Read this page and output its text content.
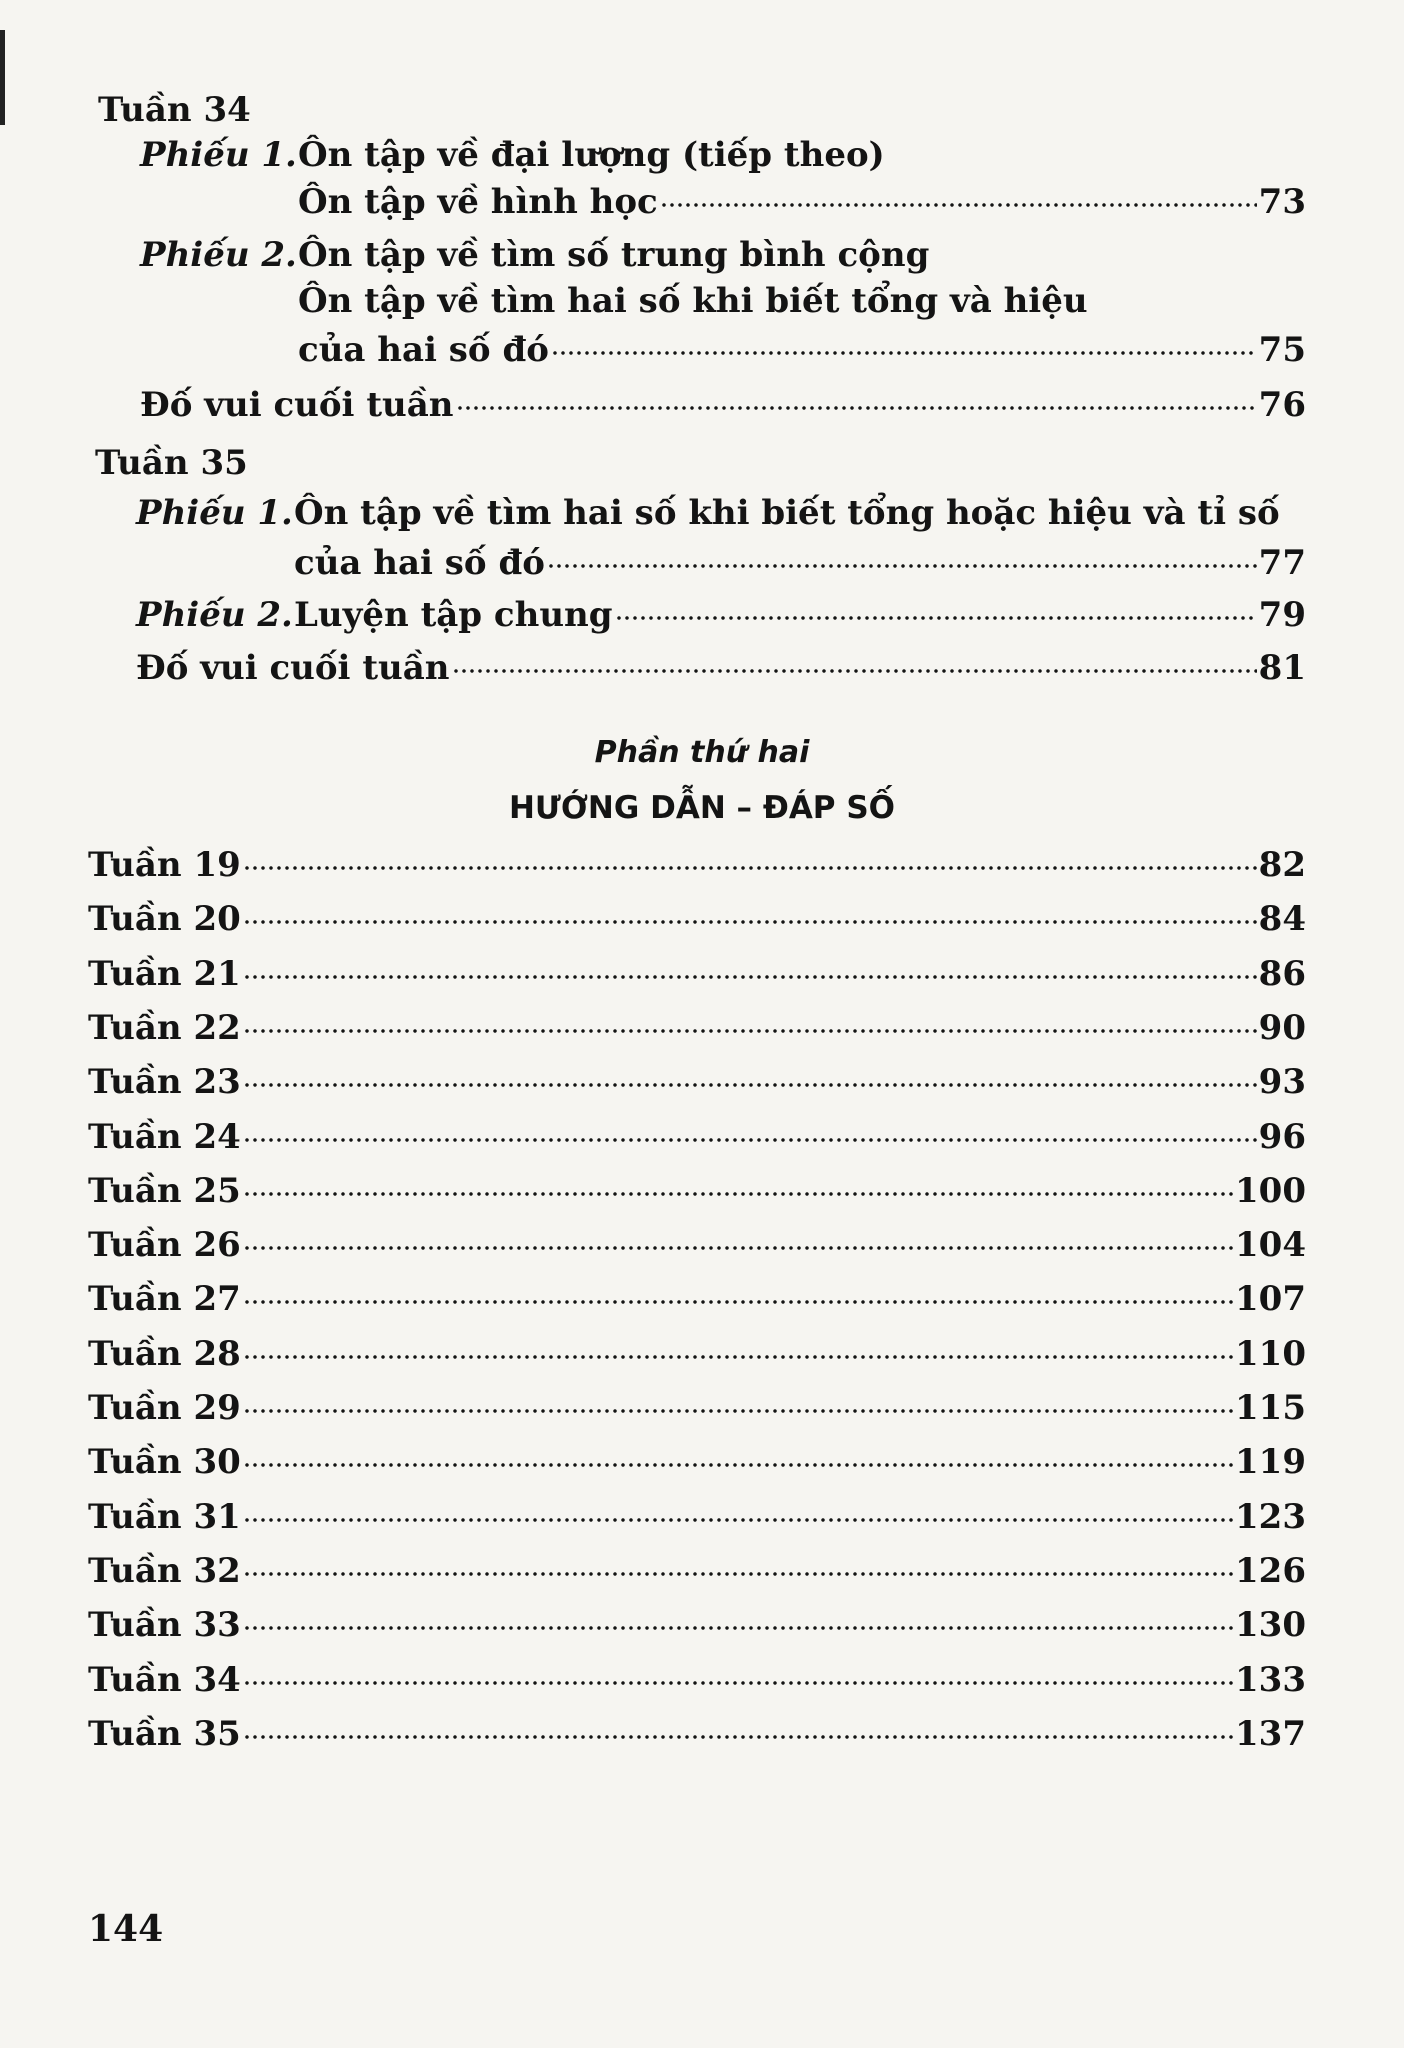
Tuần 34
Phiếu 1.Ôn tập về đại lượng (tiếp theo)
Ôn tập về hình học	73
Phiếu 2.Ôn tập về tìm số trung bình cộng
Ôn tập về tìm hai số khi biết tổng và hiệu
của hai số đó	75
Đố vui cuối tuần	76
Tuần 35
Phiếu 1.Ôn tập về tìm hai số khi biết tổng hoặc hiệu và tỉ số
của hai số đó	77
Phiếu 2. Luyện tập chung	79
Đố vui cuối tuần	81
Phần thứ hai
HƯỚNG DẪN – ĐÁP SỐ
Tuần 19	82
Tuần 20	84
Tuần 21	86
Tuần 22	90
Tuần 23	93
Tuần 24	96
Tuần 25	100
Tuần 26	104
Tuần 27	107
Tuần 28	110
Tuần 29	115
Tuần 30	119
Tuần 31	123
Tuần 32	126
Tuần 33	130
Tuần 34	133
Tuần 35	137
144
